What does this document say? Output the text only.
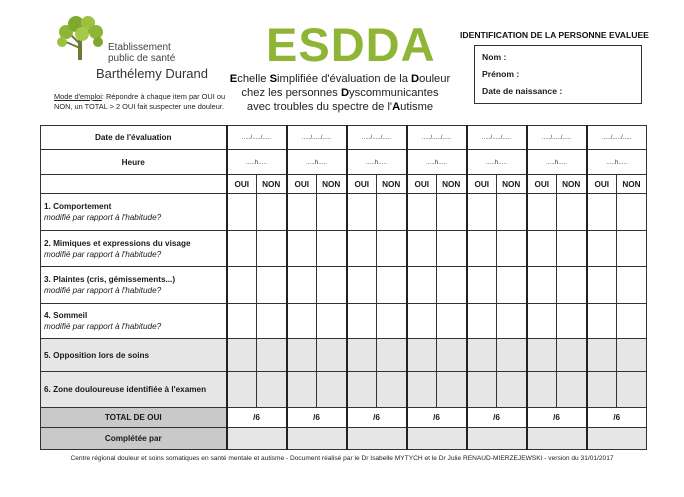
Etablissement
public de santé
Barthélemy Durand
Mode d'emploi: Répondre à chaque item par OUI ou NON, un TOTAL > 2 OUI fait suspecter une douleur.
ESDDA
Echelle Simplifiée d'évaluation de la Douleur
chez les personnes Dyscommunicantes
avec troubles du spectre de l'Autisme
IDENTIFICATION DE LA PERSONNE EVALUEE
Nom :
Prénom :
Date de naissance :
Date de l'évaluation	...../...../.....		...../...../.....		...../...../.....		...../...../.....		...../...../.....		...../...../.....		...../...../.....	
Heure	.....h.....		.....h.....		.....h.....		.....h.....		.....h.....		.....h.....		.....h.....	
	OUI	NON	OUI	NON	OUI	NON	OUI	NON	OUI	NON	OUI	NON	OUI	NON
1. Comportement
modifié par rapport à l'habitude?														

2. Mimiques et expressions du visage
modifié par rapport à l'habitude?														

3. Plaintes (cris, gémissements...)
modifié par rapport à l'habitude?														

4. Sommeil
modifié par rapport à l'habitude?														

5. Opposition lors de soins														
6. Zone douloureuse identifiée à l'examen														
TOTAL DE OUI	/6		/6		/6		/6		/6		/6		/6	
Complétée par														
Centre régional douleur et soins somatiques en santé mentale et autisme - Document réalisé par le Dr Isabelle MYTYCH et le Dr Julie RENAUD-MIERZEJEWSKI - version du 31/01/2017
